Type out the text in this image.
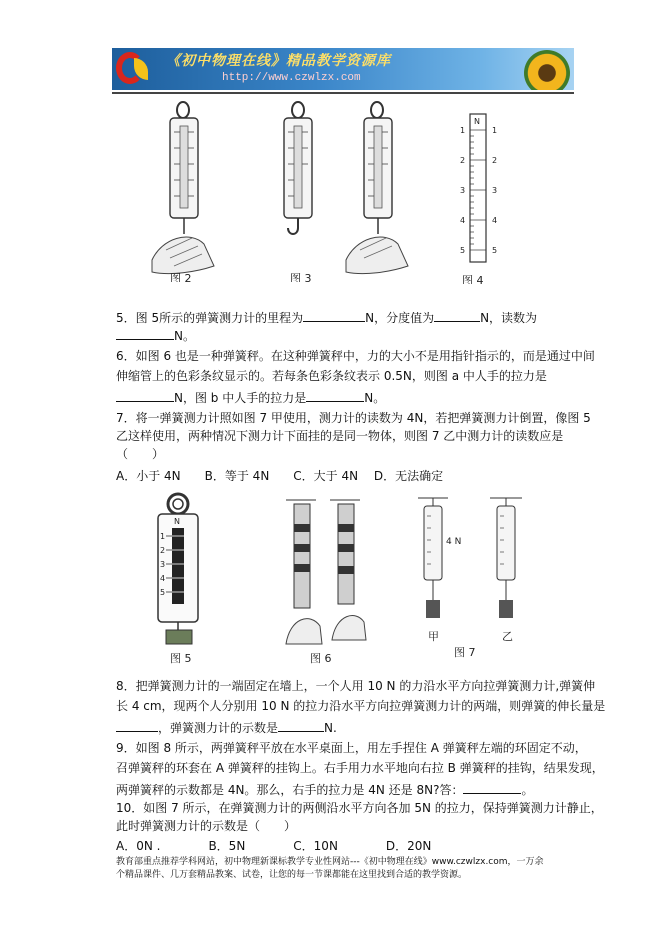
《初中物理在线》精品教学资源库
http://www.czwlzx.com
图 2	图 3
N
1
2
3
4
5
1
2
3
4
5
图 4
5．图 5所示的弹簧测力计的里程为	N，分度值为	N，读数为
N。
6．如图 6 也是一种弹簧秤。在这种弹簧秤中，力的大小不是用指针指示的，而是通过中间
伸缩管上的色彩条纹显示的。若每条色彩条纹表示 0.5N，则图 a 中人手的拉力是
N，图 b 中人手的拉力是	N。
7．将一弹簧测力计照如图 7 甲使用，测力计的读数为 4N，若把弹簧测力计倒置，像图 5
乙这样使用，两种情况下测力计下面挂的是同一物体，则图 7 乙中测力计的读数应是
（　　）
A．小于 4N　　B．等于 4N　　C．大于 4N　 D．无法确定
N
1
2
3
4
5
图 5	图 6
4 N
甲	乙
图 7
8．把弹簧测力计的一端固定在墙上，一个人用 10 N 的力沿水平方向拉弹簧测力计,弹簧伸
长 4 cm，现两个人分别用 10 N 的拉力沿水平方向拉弹簧测力计的两端，则弹簧的伸长量是
，弹簧测力计的示数是	N.
9．如图 8 所示，两弹簧秤平放在水平桌面上，用左手捏住 A 弹簧秤左端的环固定不动，
召弹簧秤的环套在 A 弹簧秤的挂钩上。右手用力水平地向右拉 B 弹簧秤的挂钩，结果发现，
两弹簧秤的示数都是 4N。那么，右手的拉力是 4N 还是 8N?答：	。
10．如图 7 所示，在弹簧测力计的两侧沿水平方向各加 5N 的拉力，保持弹簧测力计静止，
此时弹簧测力计的示数是（　　）
A．0N .　　　　B．5N　　　　C．10N　　　　D．20N
教育部重点推荐学科网站，初中物理新课标教学专业性网站---《初中物理在线》www.czwlzx.com，一万余
个精品课件、几万套精品教案、试卷，让您的每一节课都能在这里找到合适的教学资源。
